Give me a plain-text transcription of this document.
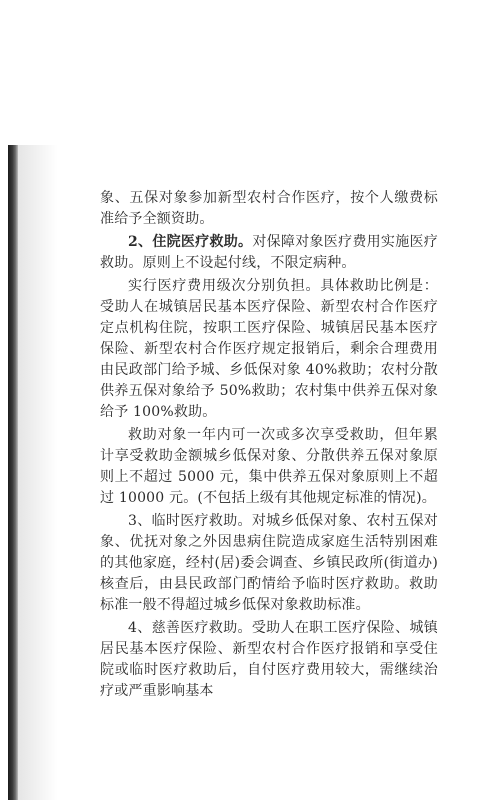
象、五保对象参加新型农村合作医疗，按个人缴费标准给予全额资助。

2、住院医疗救助。对保障对象医疗费用实施医疗救助。原则上不设起付线，不限定病种。

实行医疗费用级次分别负担。具体救助比例是：受助人在城镇居民基本医疗保险、新型农村合作医疗定点机构住院，按职工医疗保险、城镇居民基本医疗保险、新型农村合作医疗规定报销后，剩余合理费用由民政部门给予城、乡低保对象 40%救助；农村分散供养五保对象给予 50%救助；农村集中供养五保对象给予 100%救助。

救助对象一年内可一次或多次享受救助，但年累计享受救助金额城乡低保对象、分散供养五保对象原则上不超过 5000 元，集中供养五保对象原则上不超过 10000 元。(不包括上级有其他规定标准的情况)。

3、临时医疗救助。对城乡低保对象、农村五保对象、优抚对象之外因患病住院造成家庭生活特别困难的其他家庭，经村(居)委会调查、乡镇民政所(街道办)核查后，由县民政部门酌情给予临时医疗救助。救助标准一般不得超过城乡低保对象救助标准。

4、慈善医疗救助。受助人在职工医疗保险、城镇居民基本医疗保险、新型农村合作医疗报销和享受住院或临时医疗救助后，自付医疗费用较大，需继续治疗或严重影响基本
